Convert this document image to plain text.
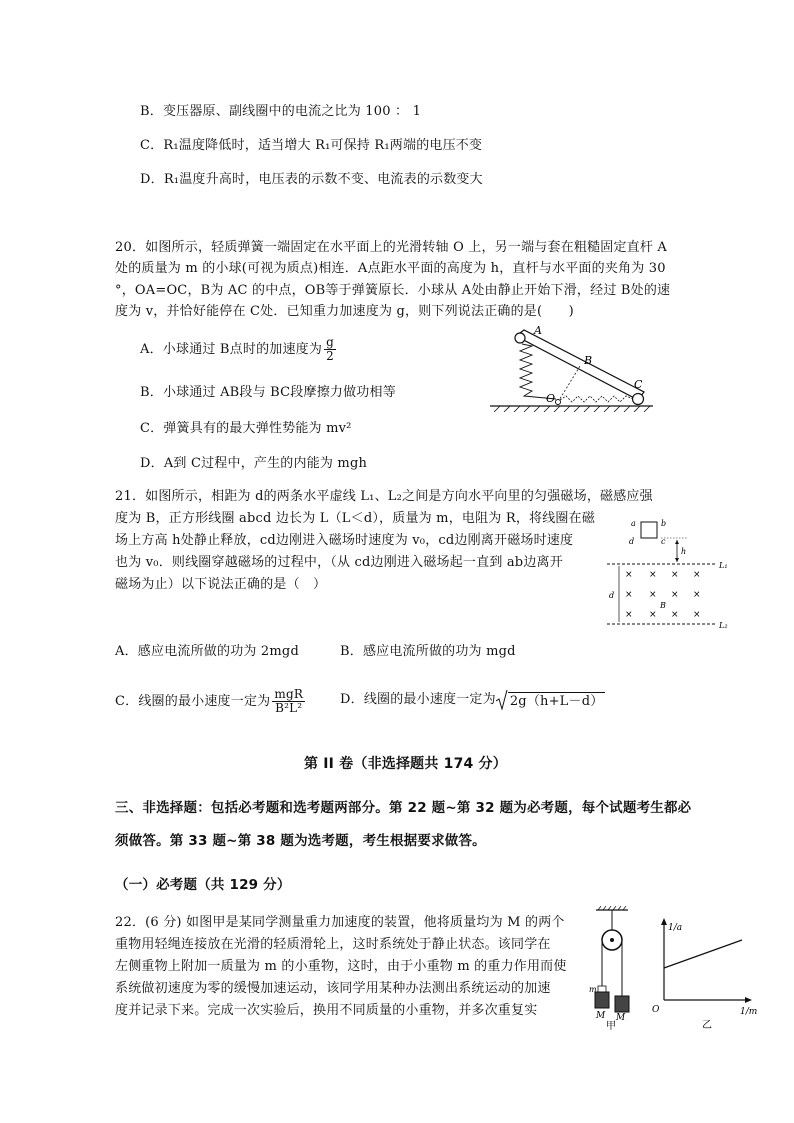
B．变压器原、副线圈中的电流之比为 100 ： 1
C．R₁温度降低时，适当增大 R₁可保持 R₁两端的电压不变
D．R₁温度升高时，电压表的示数不变、电流表的示数变大
20．如图所示，轻质弹簧一端固定在水平面上的光滑转轴 O 上，另一端与套在粗糙固定直杆 A
处的质量为 m 的小球(可视为质点)相连．A点距水平面的高度为 h，直杆与水平面的夹角为 30
°，OA=OC，B为 AC 的中点，OB等于弹簧原长．小球从 A处由静止开始下滑，经过 B处的速
度为 v，并恰好能停在 C处．已知重力加速度为 g，则下列说法正确的是(　　)
A．小球通过 B点时的加速度为 $\frac{g}{2}$
B．小球通过 AB段与 BC段摩擦力做功相等
C．弹簧具有的最大弹性势能为 mv²
D．A到 C过程中，产生的内能为 mgh
A
B
C
O
21．如图所示，相距为 d的两条水平虚线 L₁、L₂之间是方向水平向里的匀强磁场，磁感应强
度为 B，正方形线圈 abcd 边长为 L（L＜d），质量为 m，电阻为 R，将线圈在磁
场上方高 h处静止释放，cd边刚进入磁场时速度为 v₀，cd边刚离开磁场时速度
也为 v₀．则线圈穿越磁场的过程中，（从 cd边刚进入磁场起一直到 ab边离开
磁场为止）以下说法正确的是（　）
a	b
c
d
h
L₁
L₂
d
× × × ×
× × × ×
× × × ×
B
A．感应电流所做的功为 2mgd	B．感应电流所做的功为 mgd
C．线圈的最小速度一定为 $\frac{\text{mgR}}{\text{B²L²}}$	D．线圈的最小速度一定为 2g（h+L－d）
第 II 卷（非选择题共 174 分）
三、非选择题：包括必考题和选考题两部分。第 22 题~第 32 题为必考题，每个试题考生都必
须做答。第 33 题~第 38 题为选考题，考生根据要求做答。
（一）必考题（共 129 分）
22．(6 分) 如图甲是某同学测量重力加速度的装置，他将质量均为 M 的两个
重物用轻绳连接放在光滑的轻质滑轮上，这时系统处于静止状态。该同学在
左侧重物上附加一质量为 m 的小重物，这时，由于小重物 m 的重力作用而使
系统做初速度为零的缓慢加速运动，该同学用某种办法测出系统运动的加速
度并记录下来。完成一次实验后，换用不同质量的小重物，并多次重复实
m
M M
甲
1/a
O	1/m
乙
